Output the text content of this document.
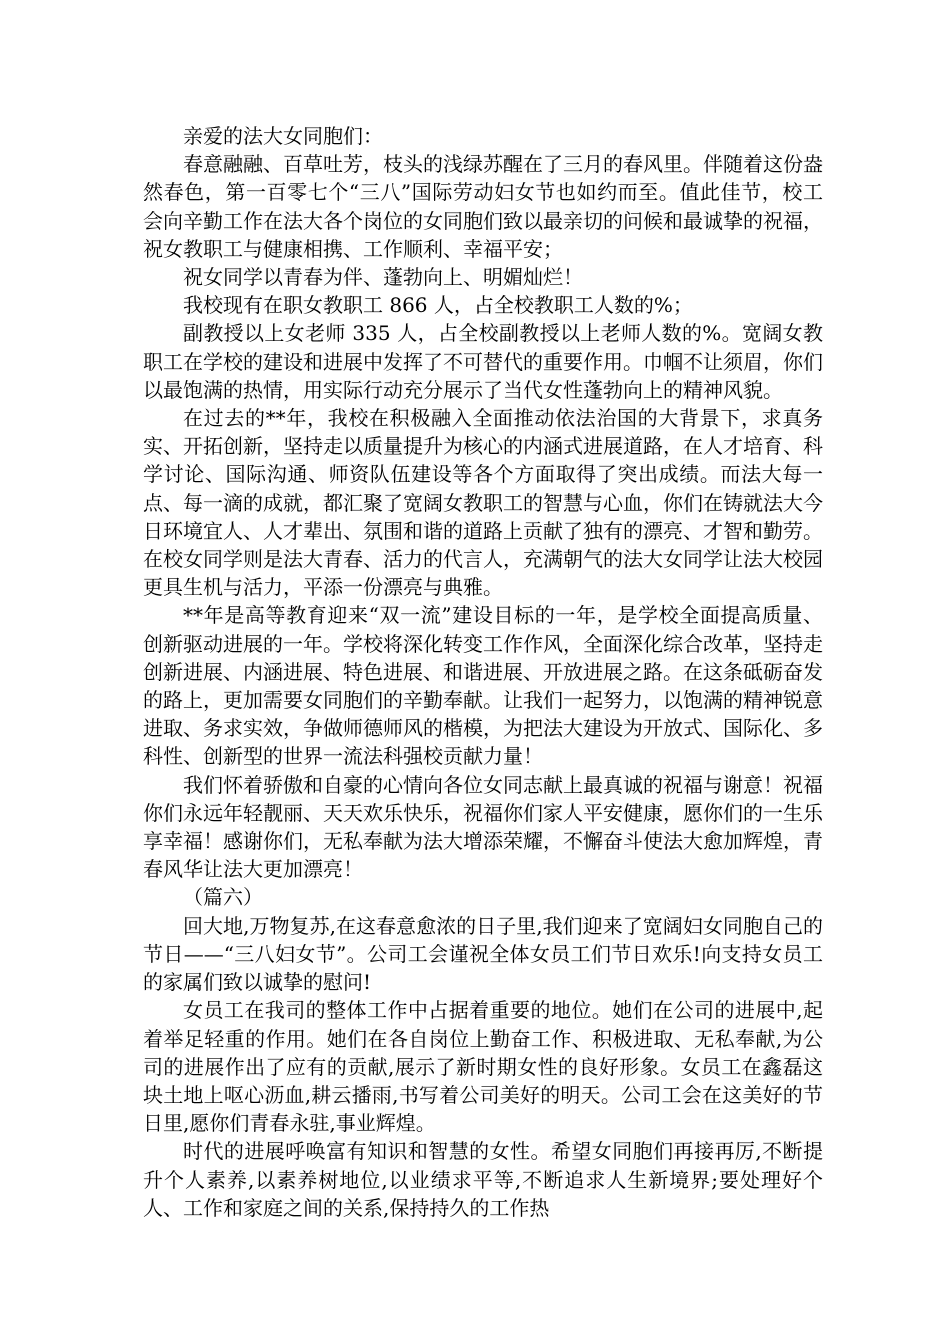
亲爱的法大女同胞们：

春意融融、百草吐芳，枝头的浅绿苏醒在了三月的春风里。伴随着这份盎然春色，第一百零七个“三八”国际劳动妇女节也如约而至。值此佳节，校工会向辛勤工作在法大各个岗位的女同胞们致以最亲切的问候和最诚挚的祝福，祝女教职工与健康相携、工作顺利、幸福平安；

祝女同学以青春为伴、蓬勃向上、明媚灿烂！

我校现有在职女教职工 866 人，占全校教职工人数的%；

副教授以上女老师 335 人，占全校副教授以上老师人数的%。宽阔女教职工在学校的建设和进展中发挥了不可替代的重要作用。巾帼不让须眉，你们以最饱满的热情，用实际行动充分展示了当代女性蓬勃向上的精神风貌。

在过去的**年，我校在积极融入全面推动依法治国的大背景下，求真务实、开拓创新，坚持走以质量提升为核心的内涵式进展道路，在人才培育、科学讨论、国际沟通、师资队伍建设等各个方面取得了突出成绩。而法大每一点、每一滴的成就，都汇聚了宽阔女教职工的智慧与心血，你们在铸就法大今日环境宜人、人才辈出、氛围和谐的道路上贡献了独有的漂亮、才智和勤劳。在校女同学则是法大青春、活力的代言人，充满朝气的法大女同学让法大校园更具生机与活力，平添一份漂亮与典雅。

**年是高等教育迎来“双一流”建设目标的一年，是学校全面提高质量、创新驱动进展的一年。学校将深化转变工作作风，全面深化综合改革，坚持走创新进展、内涵进展、特色进展、和谐进展、开放进展之路。在这条砥砺奋发的路上，更加需要女同胞们的辛勤奉献。让我们一起努力，以饱满的精神锐意进取、务求实效，争做师德师风的楷模，为把法大建设为开放式、国际化、多科性、创新型的世界一流法科强校贡献力量！

我们怀着骄傲和自豪的心情向各位女同志献上最真诚的祝福与谢意！祝福你们永远年轻靓丽、天天欢乐快乐，祝福你们家人平安健康，愿你们的一生乐享幸福！感谢你们，无私奉献为法大增添荣耀，不懈奋斗使法大愈加辉煌，青春风华让法大更加漂亮！

（篇六）

回大地,万物复苏,在这春意愈浓的日子里,我们迎来了宽阔妇女同胞自己的节日——“三八妇女节”。公司工会谨祝全体女员工们节日欢乐!向支持女员工的家属们致以诚挚的慰问!

女员工在我司的整体工作中占据着重要的地位。她们在公司的进展中,起着举足轻重的作用。她们在各自岗位上勤奋工作、积极进取、无私奉献,为公司的进展作出了应有的贡献,展示了新时期女性的良好形象。女员工在鑫磊这块土地上呕心沥血,耕云播雨,书写着公司美好的明天。公司工会在这美好的节日里,愿你们青春永驻,事业辉煌。

时代的进展呼唤富有知识和智慧的女性。希望女同胞们再接再厉,不断提升个人素养,以素养树地位,以业绩求平等,不断追求人生新境界;要处理好个人、工作和家庭之间的关系,保持持久的工作热
